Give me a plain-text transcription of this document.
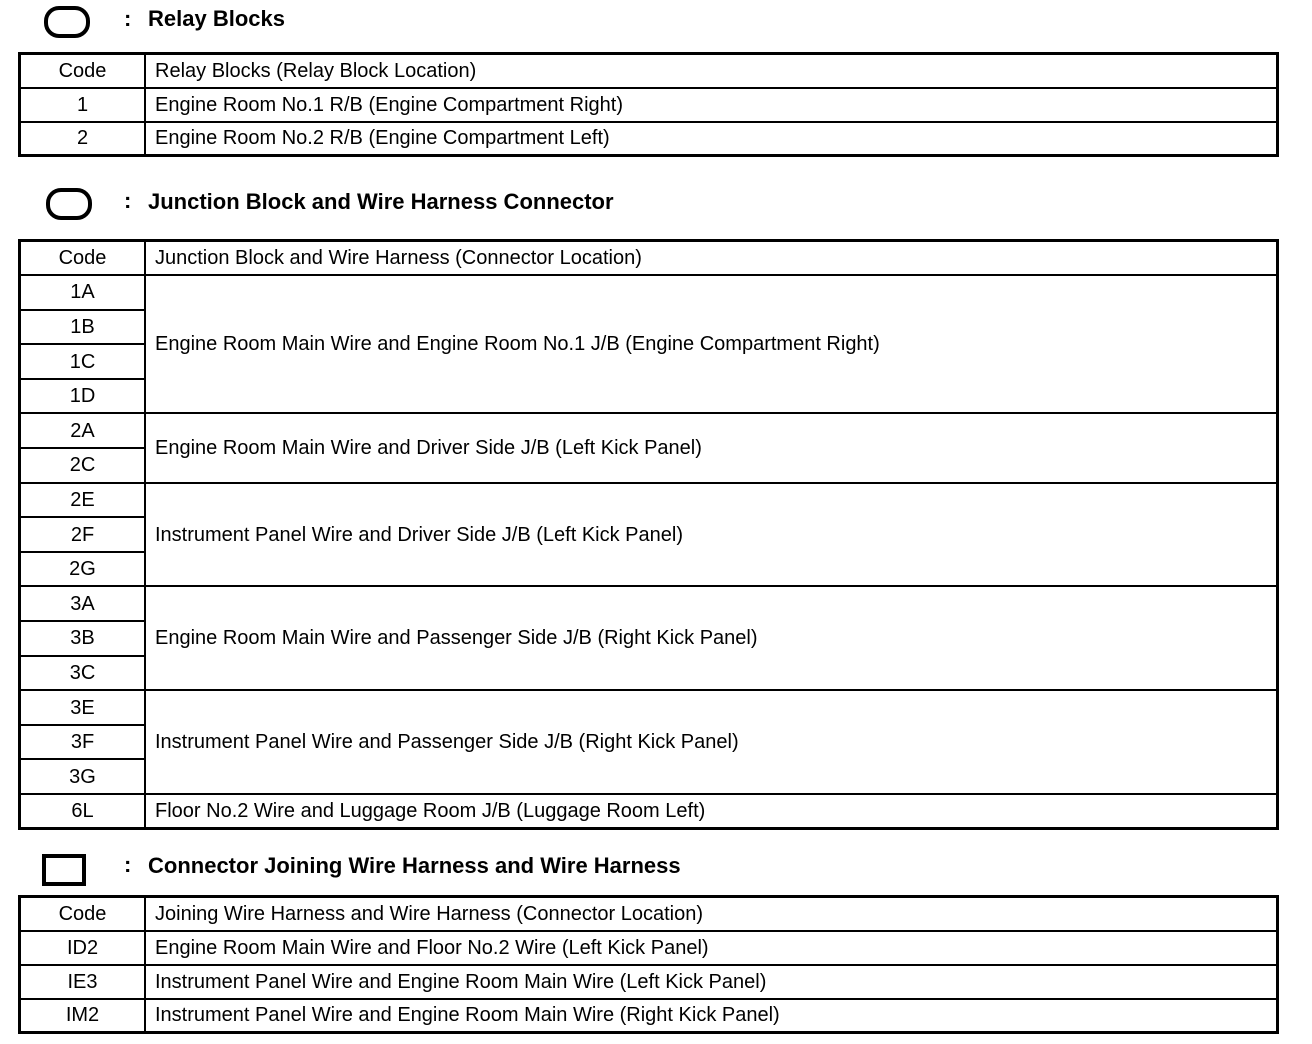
: Relay Blocks
Code	Relay Blocks (Relay Block Location)
1	Engine Room No.1 R/B (Engine Compartment Right)
2	Engine Room No.2 R/B (Engine Compartment Left)
: Junction Block and Wire Harness Connector
Code	Junction Block and Wire Harness (Connector Location)
1A	Engine Room Main Wire and Engine Room No.1 J/B (Engine Compartment Right)
1B	
1C	
1D	
2A	Engine Room Main Wire and Driver Side J/B (Left Kick Panel)
2C	
2E	Instrument Panel Wire and Driver Side J/B (Left Kick Panel)
2F	
2G	
3A	Engine Room Main Wire and Passenger Side J/B (Right Kick Panel)
3B	
3C	
3E	Instrument Panel Wire and Passenger Side J/B (Right Kick Panel)
3F	
3G	
6L	Floor No.2 Wire and Luggage Room J/B (Luggage Room Left)
: Connector Joining Wire Harness and Wire Harness
Code	Joining Wire Harness and Wire Harness (Connector Location)
ID2	Engine Room Main Wire and Floor No.2 Wire (Left Kick Panel)
IE3	Instrument Panel Wire and Engine Room Main Wire (Left Kick Panel)
IM2	Instrument Panel Wire and Engine Room Main Wire (Right Kick Panel)
